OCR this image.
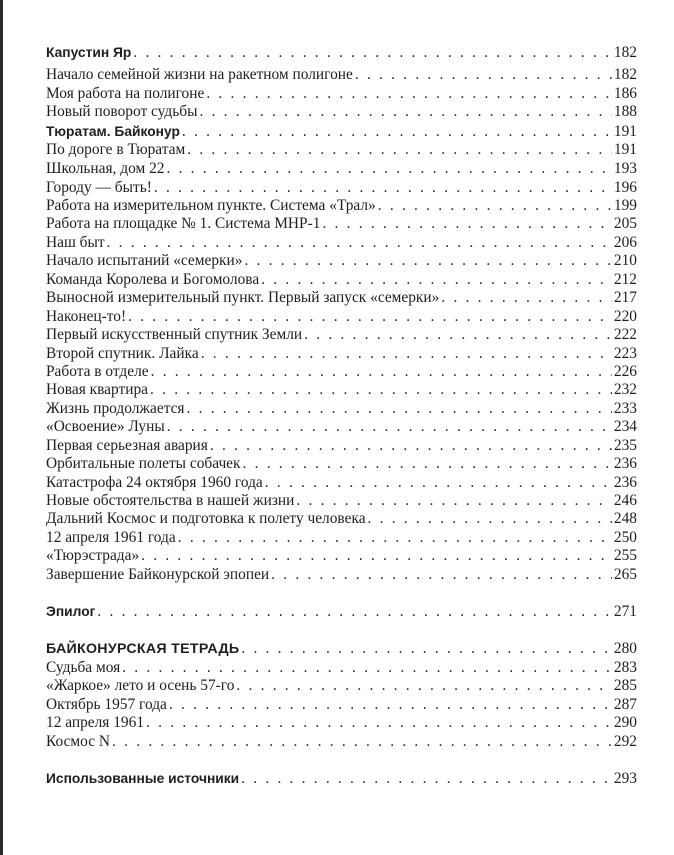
Капустин Яр . . .	182
Начало семейной жизни на ракетном полигоне . . .	182
Моя работа на полигоне . . .	186
Новый поворот судьбы . . .	188
Тюратам. Байконур . . .	191
По дороге в Тюратам . . .	191
Школьная, дом 22 . . .	193
Городу — быть! . . .	196
Работа на измерительном пункте. Система «Трал» . . .	199
Работа на площадке № 1. Система МНР-1 . . .	205
Наш быт . . .	206
Начало испытаний «семерки» . . .	210
Команда Королева и Богомолова . . .	212
Выносной измерительный пункт. Первый запуск «семерки» . . .	217
Наконец-то! . . .	220
Первый искусственный спутник Земли . . .	222
Второй спутник. Лайка . . .	223
Работа в отделе . . .	226
Новая квартира . . .	232
Жизнь продолжается . . .	233
«Освоение» Луны . . .	234
Первая серьезная авария . . .	235
Орбитальные полеты собачек . . .	236
Катастрофа 24 октября 1960 года . . .	236
Новые обстоятельства в нашей жизни . . .	246
Дальний Космос и подготовка к полету человека . . .	248
12 апреля 1961 года . . .	250
«Тюрэстрада» . . .	255
Завершение Байконурской эпопеи . . .	265
Эпилог . . .	271
БАЙКОНУРСКАЯ ТЕТРАДЬ . . .	280
Судьба моя . . .	283
«Жаркое» лето и осень 57-го . . .	285
Октябрь 1957 года . . .	287
12 апреля 1961 . . .	290
Космос N . . .	292
Использованные источники . . .	293
